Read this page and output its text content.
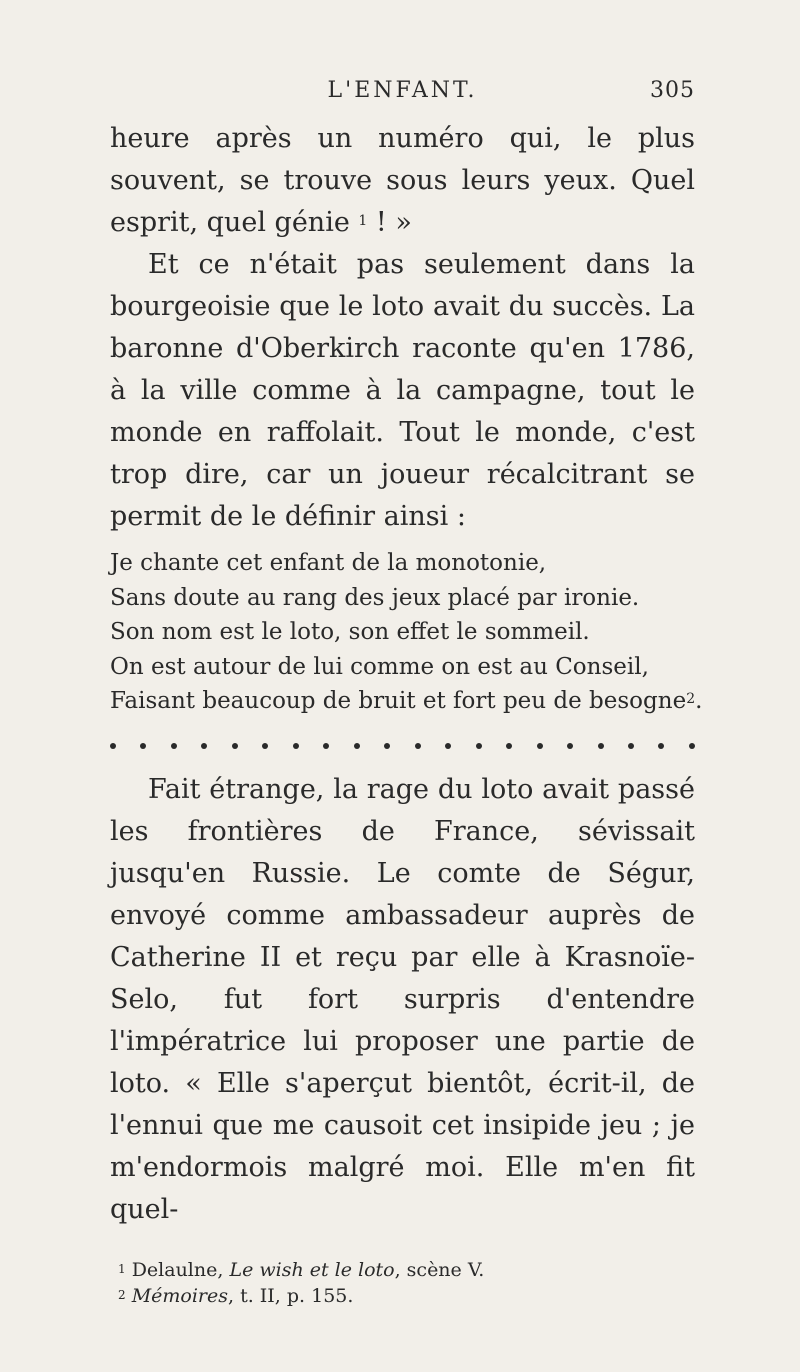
L'ENFANT.	305

heure après un numéro qui, le plus souvent, se trouve sous leurs yeux. Quel esprit, quel génie $^1$ ! »

Et ce n'était pas seulement dans la bourgeoisie que le loto avait du succès. La baronne d'Oberkirch raconte qu'en 1786, à la ville comme à la campagne, tout le monde en raffolait. Tout le monde, c'est trop dire, car un joueur récalcitrant se permit de le définir ainsi :

Je chante cet enfant de la monotonie,
Sans doute au rang des jeux placé par ironie.
Son nom est le loto, son effet le sommeil.
On est autour de lui comme on est au Conseil,
Faisant beaucoup de bruit et fort peu de besogne$^2$.

Fait étrange, la rage du loto avait passé les frontières de France, sévissait jusqu'en Russie. Le comte de Ségur, envoyé comme ambassadeur auprès de Catherine II et reçu par elle à Krasnoïe-Selo, fut fort surpris d'entendre l'impératrice lui proposer une partie de loto. « Elle s'aperçut bientôt, écrit-il, de l'ennui que me causoit cet insipide jeu ; je m'endormois malgré moi. Elle m'en fit quel-

$^1$ Delaulne, Le wish et le loto, scène V.
$^2$ Mémoires, t. II, p. 155.
